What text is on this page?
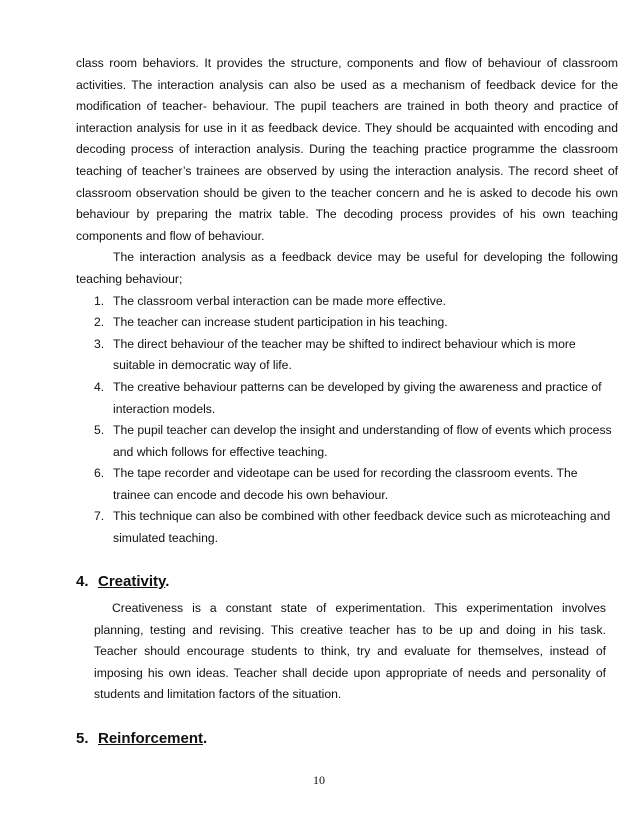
class room behaviors. It provides the structure, components and flow of behaviour of classroom activities. The interaction analysis can also be used as a mechanism of feedback device for the modification of teacher- behaviour. The pupil teachers are trained in both theory and practice of interaction analysis for use in it as feedback device. They should be acquainted with encoding and decoding process of interaction analysis. During the teaching practice programme the classroom teaching of teacher’s trainees are observed by using the interaction analysis. The record sheet of classroom observation should be given to the teacher concern and he is asked to decode his own behaviour by preparing the matrix table. The decoding process provides of his own teaching components and flow of behaviour.

The interaction analysis as a feedback device may be useful for developing the following teaching behaviour;

1. The classroom verbal interaction can be made more effective.
2. The teacher can increase student participation in his teaching.
3. The direct behaviour of the teacher may be shifted to indirect behaviour which is more suitable in democratic way of life.
4. The creative behaviour patterns can be developed by giving the awareness and practice of interaction models.
5. The pupil teacher can develop the insight and understanding of flow of events which process and which follows for effective teaching.
6. The tape recorder and videotape can be used for recording the classroom events. The trainee can encode and decode his own behaviour.
7. This technique can also be combined with other feedback device such as microteaching and simulated teaching.
4. Creativity.

Creativeness is a constant state of experimentation. This experimentation involves planning, testing and revising. This creative teacher has to be up and doing in his task. Teacher should encourage students to think, try and evaluate for themselves, instead of imposing his own ideas. Teacher shall decide upon appropriate of needs and personality of students and limitation factors of the situation.

5. Reinforcement.
10
